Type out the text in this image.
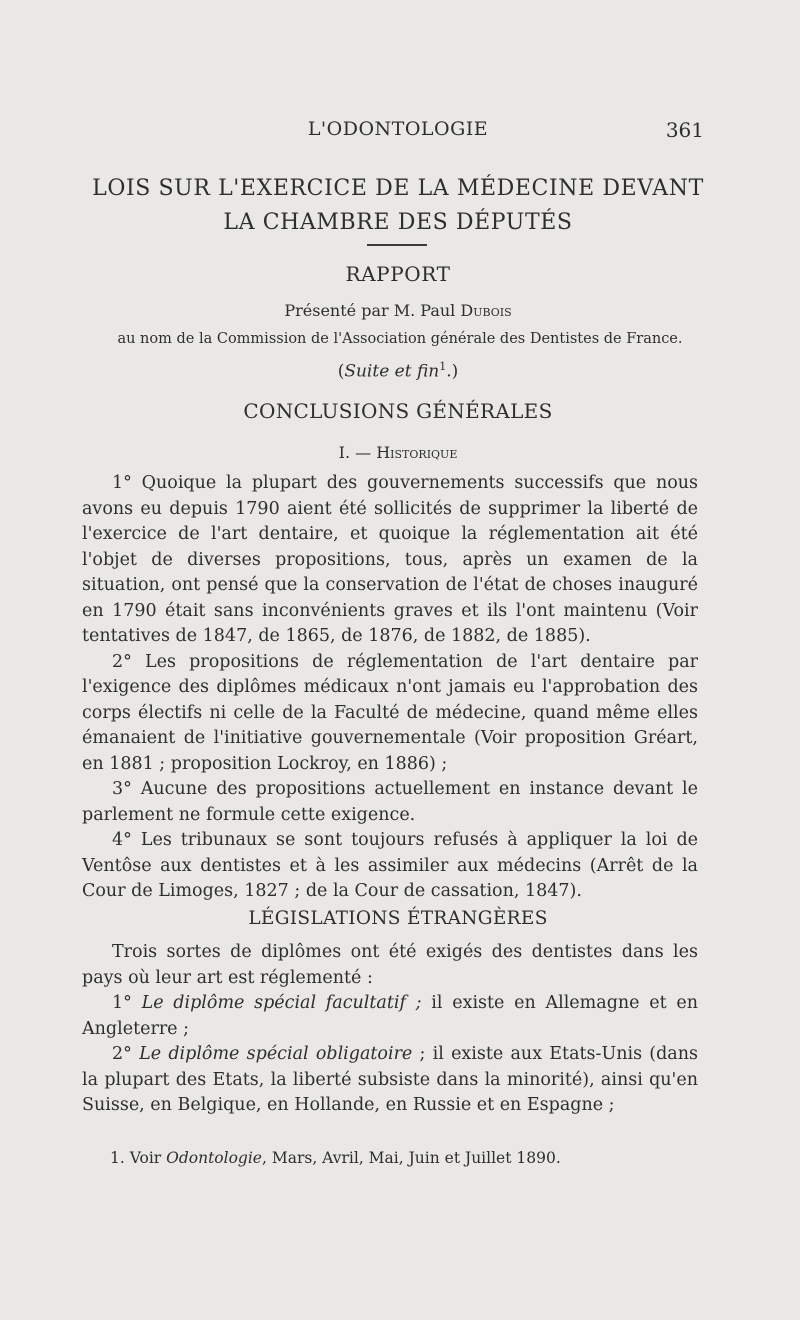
L'ODONTOLOGIE	361
LOIS SUR L'EXERCICE DE LA MÉDECINE DEVANT
LA CHAMBRE DES DÉPUTÉS
RAPPORT
Présenté par M. Paul Dubois
au nom de la Commission de l'Association générale des Dentistes de France.
(Suite et fin$^1$.)
CONCLUSIONS GÉNÉRALES
I. — Historique

1° Quoique la plupart des gouvernements successifs que nous avons eu depuis 1790 aient été sollicités de supprimer la liberté de l'exercice de l'art dentaire, et quoique la réglementation ait été l'objet de diverses propositions, tous, après un examen de la situation, ont pensé que la conservation de l'état de choses inauguré en 1790 était sans inconvénients graves et ils l'ont maintenu (Voir tentatives de 1847, de 1865, de 1876, de 1882, de 1885).

2° Les propositions de réglementation de l'art dentaire par l'exigence des diplômes médicaux n'ont jamais eu l'approbation des corps électifs ni celle de la Faculté de médecine, quand même elles émanaient de l'initiative gouvernementale (Voir proposition Gréart, en 1881 ; proposition Lockroy, en 1886) ;

3° Aucune des propositions actuellement en instance devant le parlement ne formule cette exigence.

4° Les tribunaux se sont toujours refusés à appliquer la loi de Ventôse aux dentistes et à les assimiler aux médecins (Arrêt de la Cour de Limoges, 1827 ; de la Cour de cassation, 1847).

LÉGISLATIONS ÉTRANGÈRES

Trois sortes de diplômes ont été exigés des dentistes dans les pays où leur art est réglementé :

1° Le diplôme spécial facultatif ; il existe en Allemagne et en Angleterre ;

2° Le diplôme spécial obligatoire ; il existe aux Etats-Unis (dans la plupart des Etats, la liberté subsiste dans la minorité), ainsi qu'en Suisse, en Belgique, en Hollande, en Russie et en Espagne ;

1. Voir Odontologie, Mars, Avril, Mai, Juin et Juillet 1890.
